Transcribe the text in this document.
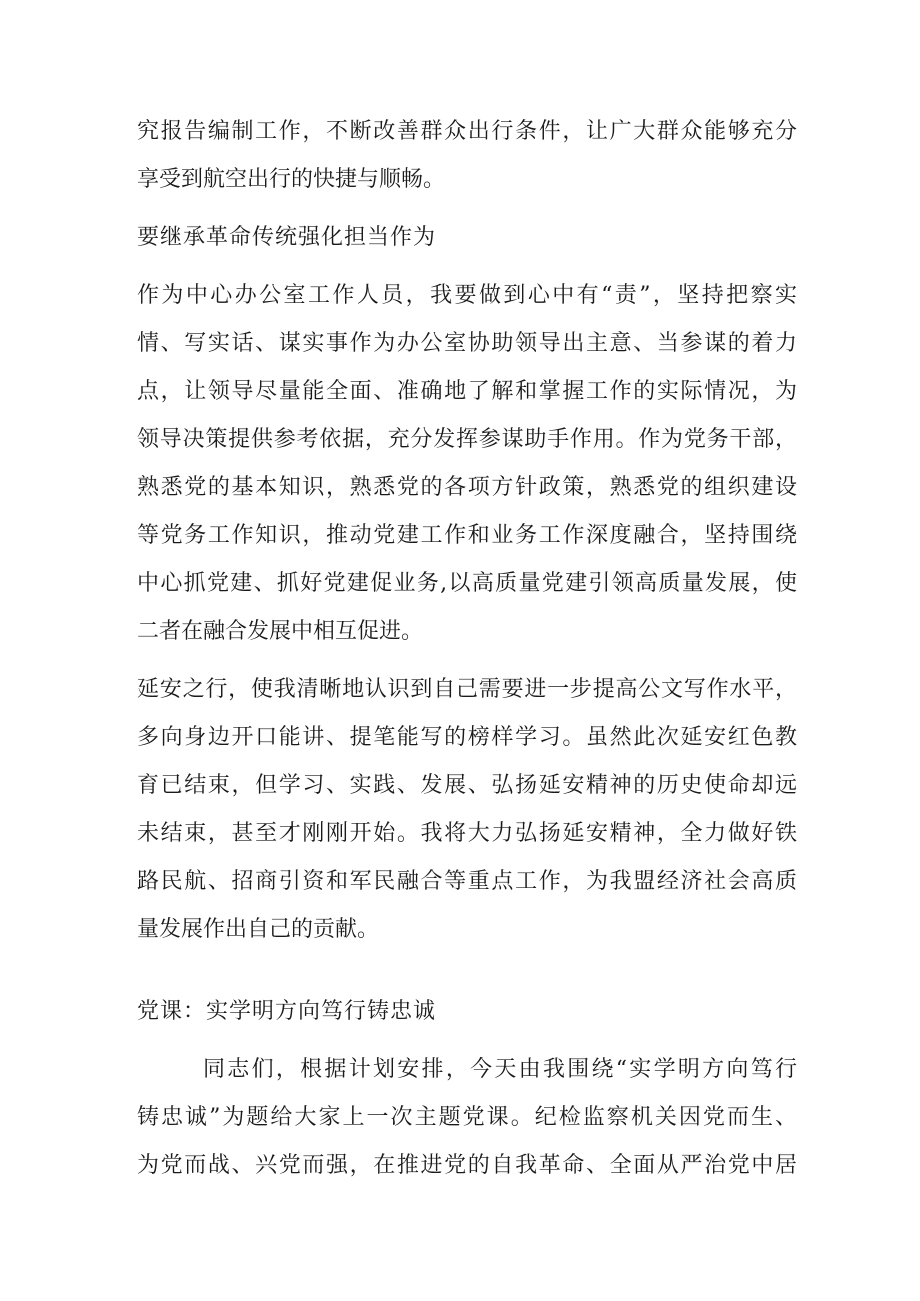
究报告编制工作，不断改善群众出行条件，让广大群众能够充分
享受到航空出行的快捷与顺畅。
要继承革命传统强化担当作为
作为中心办公室工作人员，我要做到心中有“责”，坚持把察实
情、写实话、谋实事作为办公室协助领导出主意、当参谋的着力
点，让领导尽量能全面、准确地了解和掌握工作的实际情况，为
领导决策提供参考依据，充分发挥参谋助手作用。作为党务干部，
熟悉党的基本知识，熟悉党的各项方针政策，熟悉党的组织建设
等党务工作知识，推动党建工作和业务工作深度融合，坚持围绕
中心抓党建、抓好党建促业务,以高质量党建引领高质量发展，使
二者在融合发展中相互促进。
延安之行，使我清晰地认识到自己需要进一步提高公文写作水平，
多向身边开口能讲、提笔能写的榜样学习。虽然此次延安红色教
育已结束，但学习、实践、发展、弘扬延安精神的历史使命却远
未结束，甚至才刚刚开始。我将大力弘扬延安精神，全力做好铁
路民航、招商引资和军民融合等重点工作，为我盟经济社会高质
量发展作出自己的贡献。
党课：实学明方向笃行铸忠诚
同志们，根据计划安排，今天由我围绕“实学明方向笃行
铸忠诚”为题给大家上一次主题党课。纪检监察机关因党而生、
为党而战、兴党而强，在推进党的自我革命、全面从严治党中居
